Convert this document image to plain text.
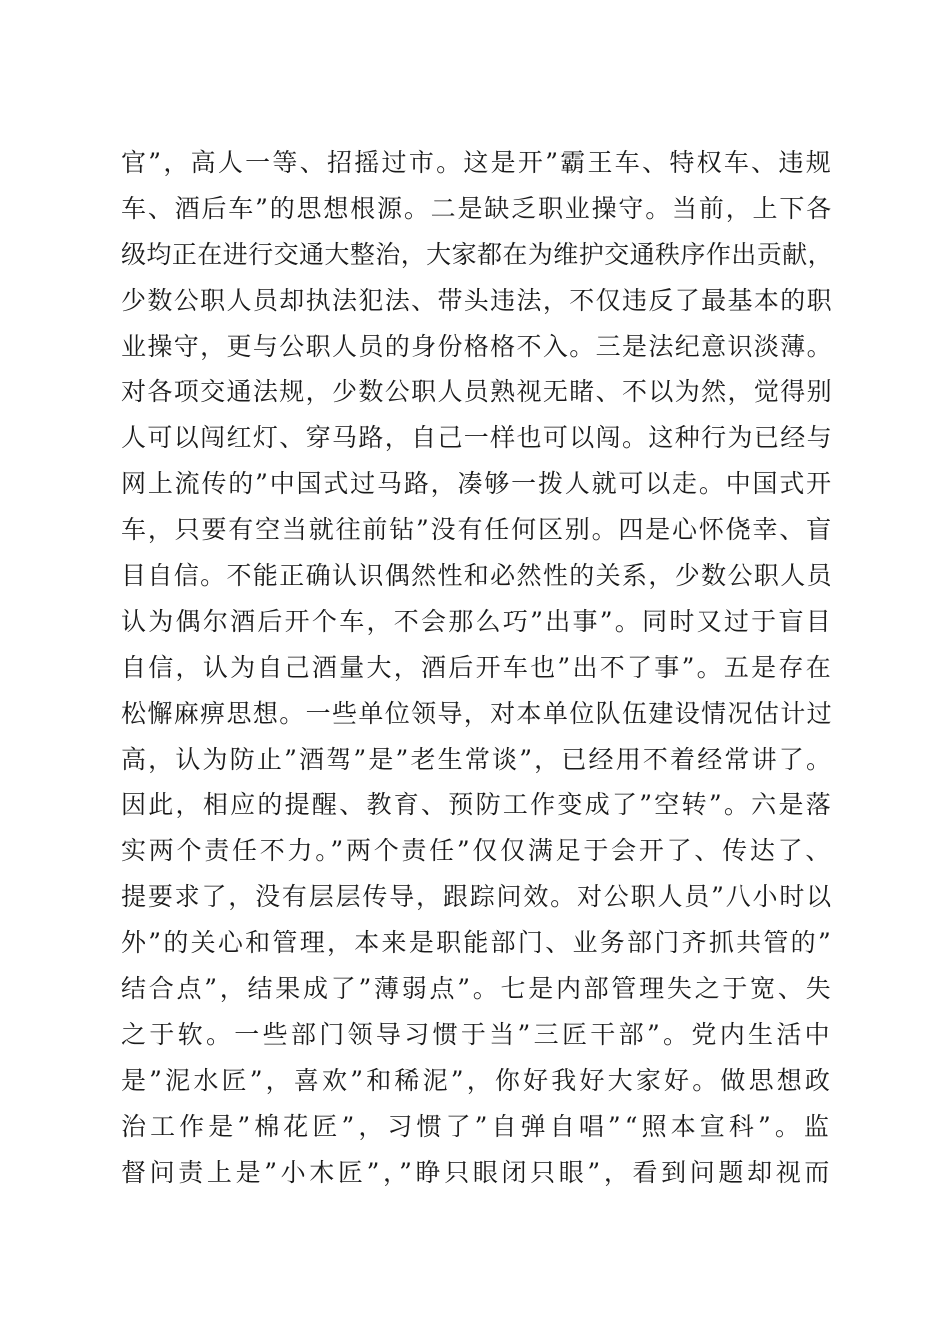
官”，高人一等、招摇过市。这是开”霸王车、特权车、违规
车、酒后车”的思想根源。二是缺乏职业操守。当前，上下各
级均正在进行交通大整治，大家都在为维护交通秩序作出贡献，
少数公职人员却执法犯法、带头违法，不仅违反了最基本的职
业操守，更与公职人员的身份格格不入。三是法纪意识淡薄。
对各项交通法规，少数公职人员熟视无睹、不以为然，觉得别
人可以闯红灯、穿马路，自己一样也可以闯。这种行为已经与
网上流传的”中国式过马路，凑够一拨人就可以走。中国式开
车，只要有空当就往前钻”没有任何区别。四是心怀侥幸、盲
目自信。不能正确认识偶然性和必然性的关系，少数公职人员
认为偶尔酒后开个车，不会那么巧”出事”。同时又过于盲目
自信，认为自己酒量大，酒后开车也”出不了事”。五是存在
松懈麻痹思想。一些单位领导，对本单位队伍建设情况估计过
高，认为防止”酒驾”是”老生常谈”，已经用不着经常讲了。
因此，相应的提醒、教育、预防工作变成了”空转”。六是落
实两个责任不力。”两个责任”仅仅满足于会开了、传达了、
提要求了，没有层层传导，跟踪问效。对公职人员”八小时以
外”的关心和管理，本来是职能部门、业务部门齐抓共管的”
结合点”，结果成了”薄弱点”。七是内部管理失之于宽、失
之于软。一些部门领导习惯于当”三匠干部”。党内生活中
是”泥水匠”，喜欢”和稀泥”，你好我好大家好。做思想政
治工作是”棉花匠”，习惯了”自弹自唱”“照本宣科”。监
督问责上是”小木匠”，”睁只眼闭只眼”，看到问题却视而
